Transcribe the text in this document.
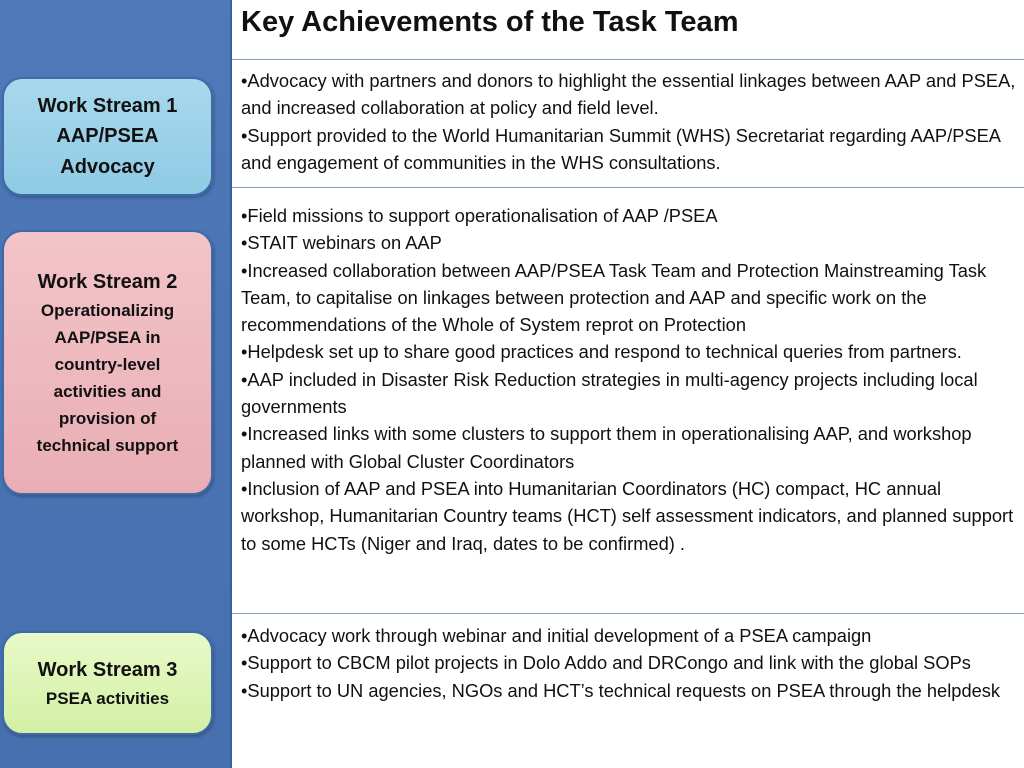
Work Stream 1
AAP/PSEA
Advocacy
Work Stream 2
Operationalizing
AAP/PSEA in
country-level
activities and
provision of
technical support
Work Stream 3
PSEA activities
Key Achievements of the Task Team
•Advocacy with partners and donors to highlight the essential linkages between AAP and PSEA, and increased collaboration at policy and field level.
•Support provided to the World Humanitarian Summit (WHS) Secretariat regarding AAP/PSEA and engagement of communities in the WHS consultations.
•Field missions to support operationalisation of AAP /PSEA
•STAIT webinars on AAP
•Increased collaboration between AAP/PSEA Task Team and Protection Mainstreaming Task Team, to capitalise on linkages between protection and AAP and specific work on the recommendations of the Whole of System reprot on Protection
•Helpdesk set up to share good practices and respond to technical queries from partners.
•AAP included in Disaster Risk Reduction strategies in multi-agency projects including local governments
•Increased links with some clusters to support them in operationalising AAP, and workshop planned with Global Cluster Coordinators
•Inclusion of AAP and PSEA into Humanitarian Coordinators (HC) compact, HC annual workshop, Humanitarian Country teams (HCT) self assessment indicators, and planned support to some HCTs (Niger and Iraq, dates to be confirmed) .
•Advocacy work through webinar and initial development of a PSEA campaign
•Support to CBCM pilot projects in Dolo Addo and DRCongo and link with the global SOPs
•Support to UN agencies, NGOs and HCT’s technical requests on PSEA through the helpdesk
